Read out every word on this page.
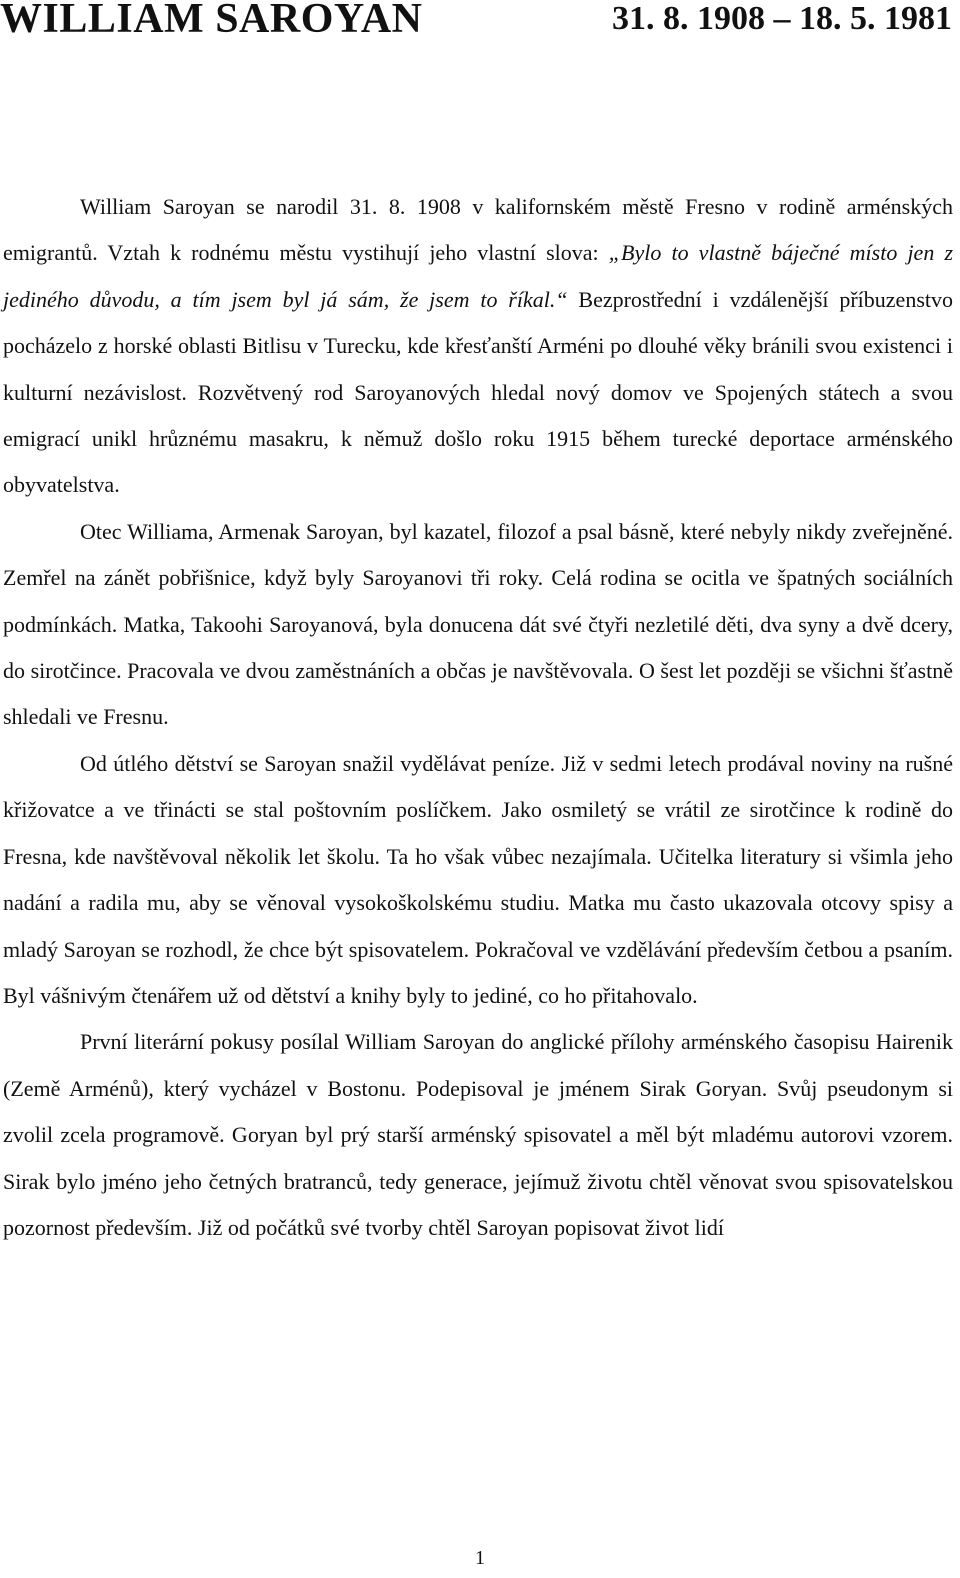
WILLIAM SAROYAN	31. 8. 1908 – 18. 5. 1981

William Saroyan se narodil 31. 8. 1908 v kalifornském městě Fresno v rodině arménských emigrantů. Vztah k rodnému městu vystihují jeho vlastní slova: „Bylo to vlastně báječné místo jen z jediného důvodu, a tím jsem byl já sám, že jsem to říkal.“ Bezprostřední i vzdálenější příbuzenstvo pocházelo z horské oblasti Bitlisu v Turecku, kde křesťanští Arméni po dlouhé věky bránili svou existenci i kulturní nezávislost. Rozvětvený rod Saroyanových hledal nový domov ve Spojených státech a svou emigrací unikl hrůznému masakru, k němuž došlo roku 1915 během turecké deportace arménského obyvatelstva.

Otec Williama, Armenak Saroyan, byl kazatel, filozof a psal básně, které nebyly nikdy zveřejněné. Zemřel na zánět pobřišnice, když byly Saroyanovi tři roky. Celá rodina se ocitla ve špatných sociálních podmínkách. Matka, Takoohi Saroyanová, byla donucena dát své čtyři nezletilé děti, dva syny a dvě dcery, do sirotčince. Pracovala ve dvou zaměstnáních a občas je navštěvovala. O šest let později se všichni šťastně shledali ve Fresnu.

Od útlého dětství se Saroyan snažil vydělávat peníze. Již v sedmi letech prodával noviny na rušné křižovatce a ve třinácti se stal poštovním poslíčkem. Jako osmiletý se vrátil ze sirotčince k rodině do Fresna, kde navštěvoval několik let školu. Ta ho však vůbec nezajímala. Učitelka literatury si všimla jeho nadání a radila mu, aby se věnoval vysokoškolskému studiu. Matka mu často ukazovala otcovy spisy a mladý Saroyan se rozhodl, že chce být spisovatelem. Pokračoval ve vzdělávání především četbou a psaním. Byl vášnivým čtenářem už od dětství a knihy byly to jediné, co ho přitahovalo.

První literární pokusy posílal William Saroyan do anglické přílohy arménského časopisu Hairenik (Země Arménů), který vycházel v Bostonu. Podepisoval je jménem Sirak Goryan. Svůj pseudonym si zvolil zcela programově. Goryan byl prý starší arménský spisovatel a měl být mladému autorovi vzorem. Sirak bylo jméno jeho četných bratranců, tedy generace, jejímuž životu chtěl věnovat svou spisovatelskou pozornost především. Již od počátků své tvorby chtěl Saroyan popisovat život lidí

1
